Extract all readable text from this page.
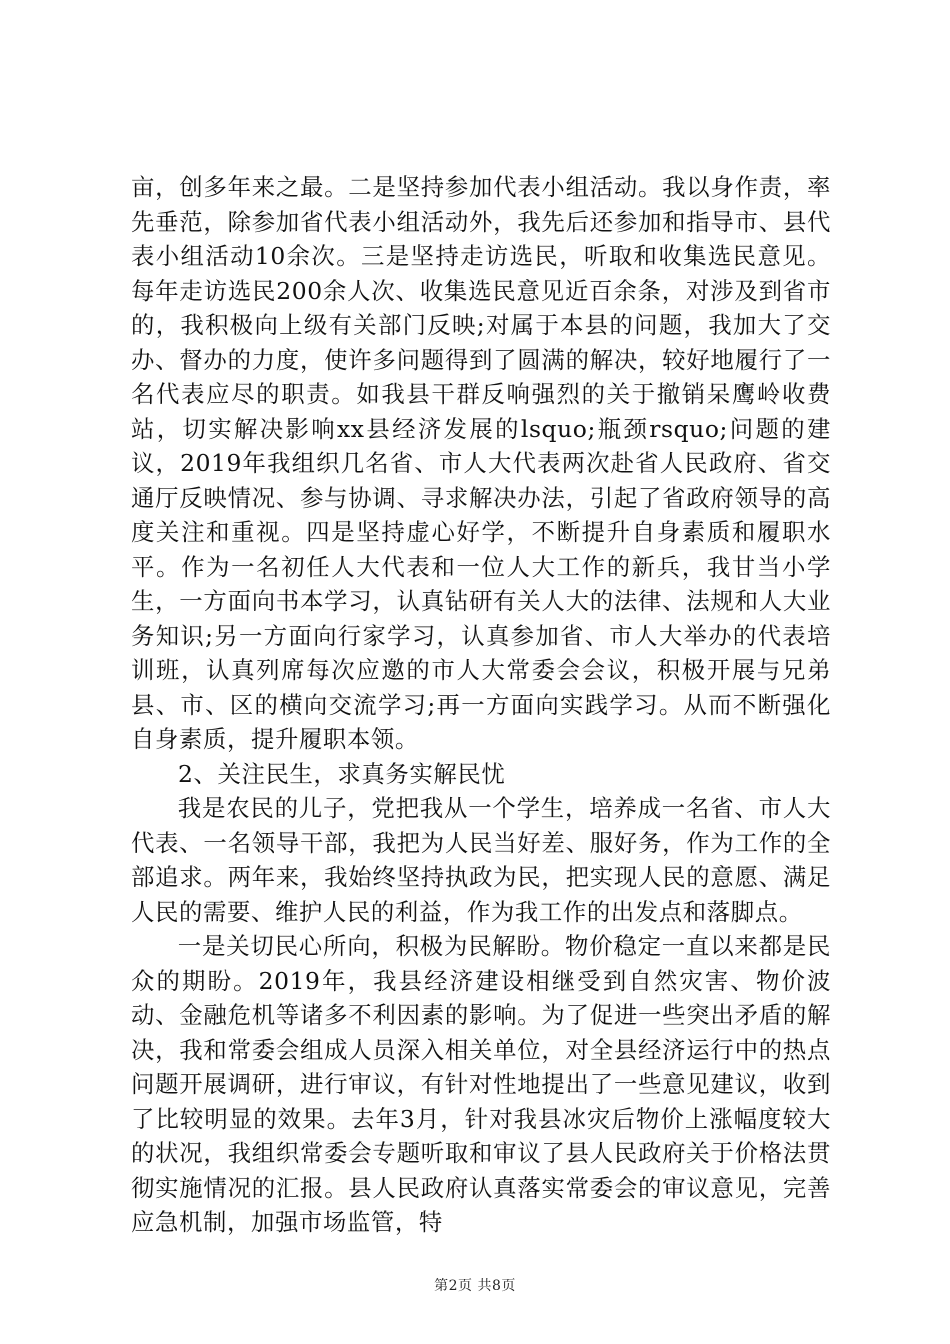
亩，创多年来之最。二是坚持参加代表小组活动。我以身作责，率先垂范，除参加省代表小组活动外，我先后还参加和指导市、县代表小组活动10余次。三是坚持走访选民，听取和收集选民意见。每年走访选民200余人次、收集选民意见近百余条，对涉及到省市的，我积极向上级有关部门反映;对属于本县的问题，我加大了交办、督办的力度，使许多问题得到了圆满的解决，较好地履行了一名代表应尽的职责。如我县干群反响强烈的关于撤销呆鹰岭收费站，切实解决影响xx县经济发展的lsquo;瓶颈rsquo;问题的建议，2019年我组织几名省、市人大代表两次赴省人民政府、省交通厅反映情况、参与协调、寻求解决办法，引起了省政府领导的高度关注和重视。四是坚持虚心好学，不断提升自身素质和履职水平。作为一名初任人大代表和一位人大工作的新兵，我甘当小学生，一方面向书本学习，认真钻研有关人大的法律、法规和人大业务知识;另一方面向行家学习，认真参加省、市人大举办的代表培训班，认真列席每次应邀的市人大常委会会议，积极开展与兄弟县、市、区的横向交流学习;再一方面向实践学习。从而不断强化自身素质，提升履职本领。

2、关注民生，求真务实解民忧

我是农民的儿子，党把我从一个学生，培养成一名省、市人大代表、一名领导干部，我把为人民当好差、服好务，作为工作的全部追求。两年来，我始终坚持执政为民，把实现人民的意愿、满足人民的需要、维护人民的利益，作为我工作的出发点和落脚点。

一是关切民心所向，积极为民解盼。物价稳定一直以来都是民众的期盼。2019年，我县经济建设相继受到自然灾害、物价波动、金融危机等诸多不利因素的影响。为了促进一些突出矛盾的解决，我和常委会组成人员深入相关单位，对全县经济运行中的热点问题开展调研，进行审议，有针对性地提出了一些意见建议，收到了比较明显的效果。去年3月，针对我县冰灾后物价上涨幅度较大的状况，我组织常委会专题听取和审议了县人民政府关于价格法贯彻实施情况的汇报。县人民政府认真落实常委会的审议意见，完善应急机制，加强市场监管，特

第2页 共8页
